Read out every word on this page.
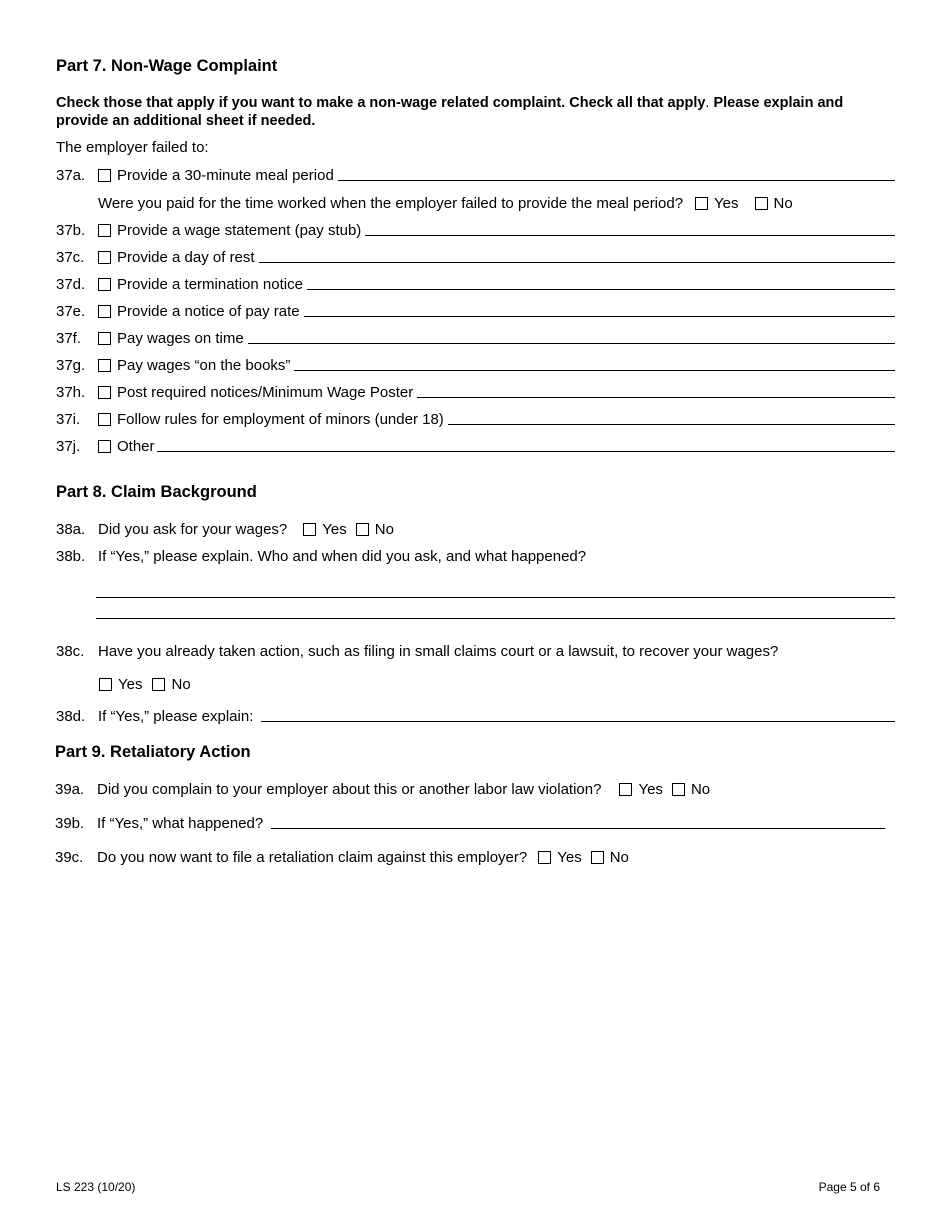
Part 7. Non-Wage Complaint
Check those that apply if you want to make a non-wage related complaint. Check all that apply. Please explain and provide an additional sheet if needed.
The employer failed to:
37a.	Provide a 30-minute meal period
Were you paid for the time worked when the employer failed to provide the meal period? Yes No
37b.	Provide a wage statement (pay stub)
37c.	Provide a day of rest
37d.	Provide a termination notice
37e.	Provide a notice of pay rate
37f.	Pay wages on time
37g.	Pay wages “on the books”
37h.	Post required notices/Minimum Wage Poster
37i.	Follow rules for employment of minors (under 18)
37j.	Other
Part 8. Claim Background
38a. Did you ask for your wages? Yes No
38b. If “Yes,” please explain. Who and when did you ask, and what happened?
38c. Have you already taken action, such as filing in small claims court or a lawsuit, to recover your wages?
Yes No
38d. If “Yes,” please explain:
Part 9. Retaliatory Action
39a. Did you complain to your employer about this or another labor law violation? Yes No
39b. If “Yes,” what happened?
39c. Do you now want to file a retaliation claim against this employer? Yes No
LS 223 (10/20)	Page 5 of 6
